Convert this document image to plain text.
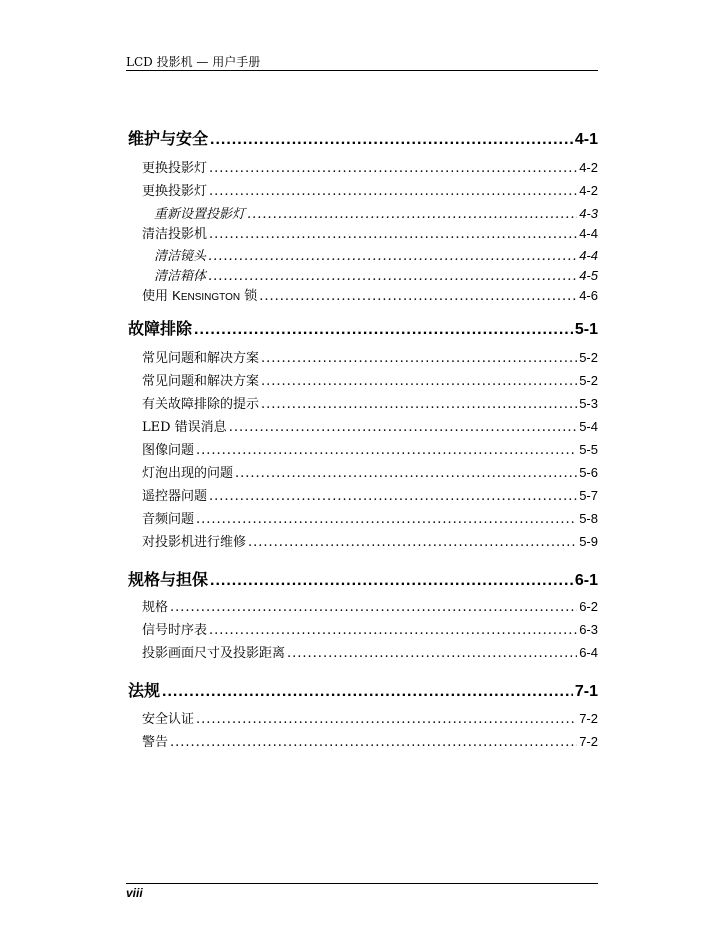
LCD 投影机 — 用户手册
维护与安全 .....	4-1
更换投影灯 .....	4-2
更换投影灯 .....	4-2
重新设置投影灯 .....	4-3
清洁投影机 .....	4-4
清洁镜头 .....	4-4
清洁箱体 .....	4-5
使用 KENSINGTON 锁 .....	4-6
故障排除 .....	5-1
常见问题和解决方案 .....	5-2
常见问题和解决方案 .....	5-2
有关故障排除的提示 .....	5-3
LED 错误消息 .....	5-4
图像问题 .....	5-5
灯泡出现的问题 .....	5-6
遥控器问题 .....	5-7
音频问题 .....	5-8
对投影机进行维修 .....	5-9
规格与担保 .....	6-1
规格 .....	6-2
信号时序表 .....	6-3
投影画面尺寸及投影距离 .....	6-4
法规 .....	7-1
安全认证 .....	7-2
警告 .....	7-2
viii
